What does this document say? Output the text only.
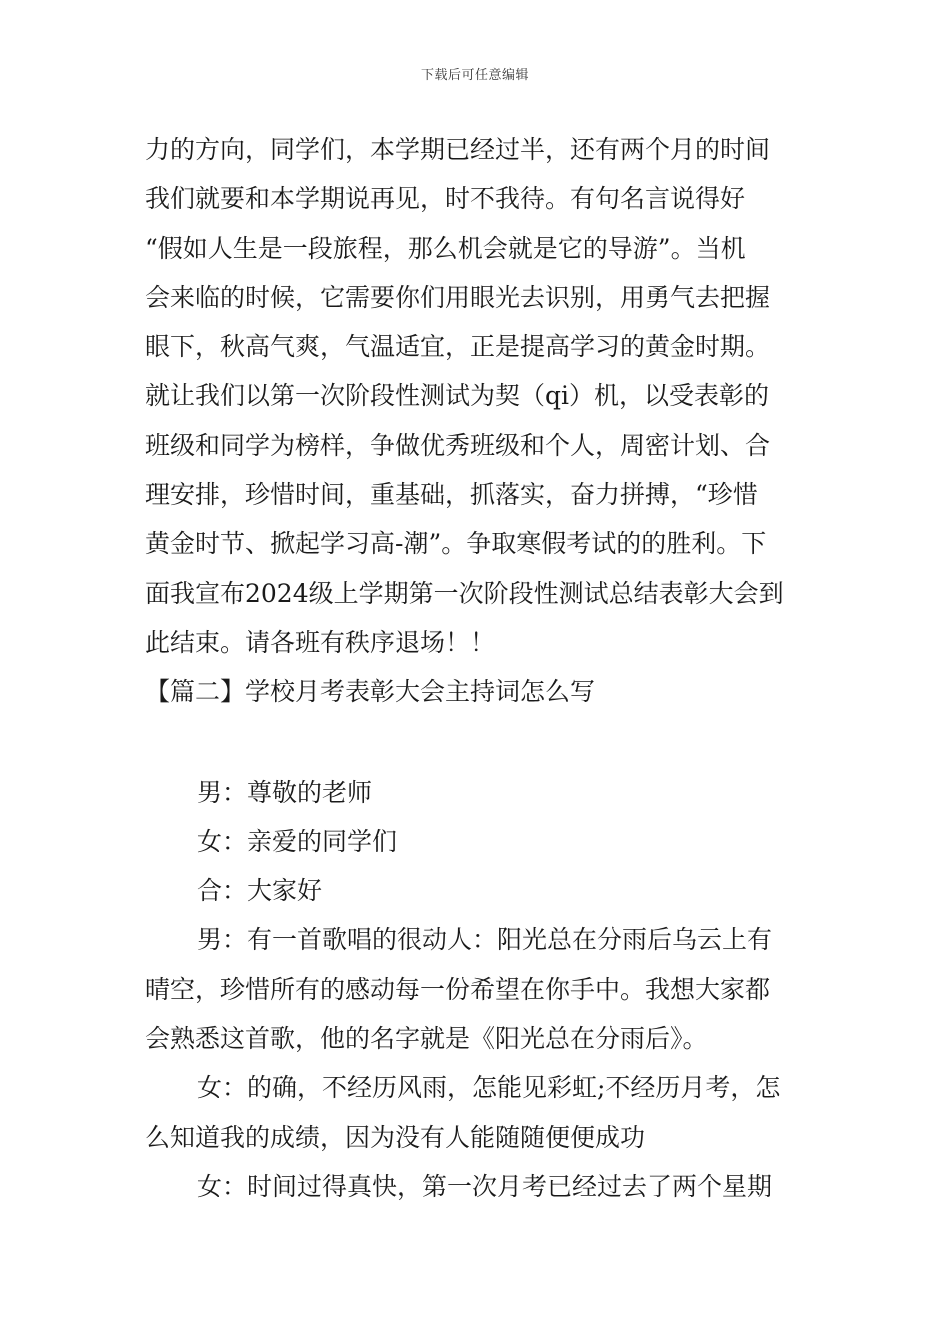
下载后可任意编辑
力的方向，同学们，本学期已经过半，还有两个月的时间
我们就要和本学期说再见，时不我待。有句名言说得好
“假如人生是一段旅程，那么机会就是它的导游”。当机
会来临的时候，它需要你们用眼光去识别，用勇气去把握
眼下，秋高气爽，气温适宜，正是提高学习的黄金时期。
就让我们以第一次阶段性测试为契（qi）机，以受表彰的
班级和同学为榜样，争做优秀班级和个人，周密计划、合
理安排，珍惜时间，重基础，抓落实，奋力拼搏，“珍惜
黄金时节、掀起学习高-潮”。争取寒假考试的的胜利。下
面我宣布2024级上学期第一次阶段性测试总结表彰大会到
此结束。请各班有秩序退场！！
【篇二】学校月考表彰大会主持词怎么写
男：尊敬的老师
女：亲爱的同学们
合：大家好
男：有一首歌唱的很动人：阳光总在分雨后乌云上有
晴空，珍惜所有的感动每一份希望在你手中。我想大家都
会熟悉这首歌，他的名字就是《阳光总在分雨后》。
女：的确，不经历风雨，怎能见彩虹;不经历月考，怎
么知道我的成绩，因为没有人能随随便便成功
女：时间过得真快，第一次月考已经过去了两个星期
